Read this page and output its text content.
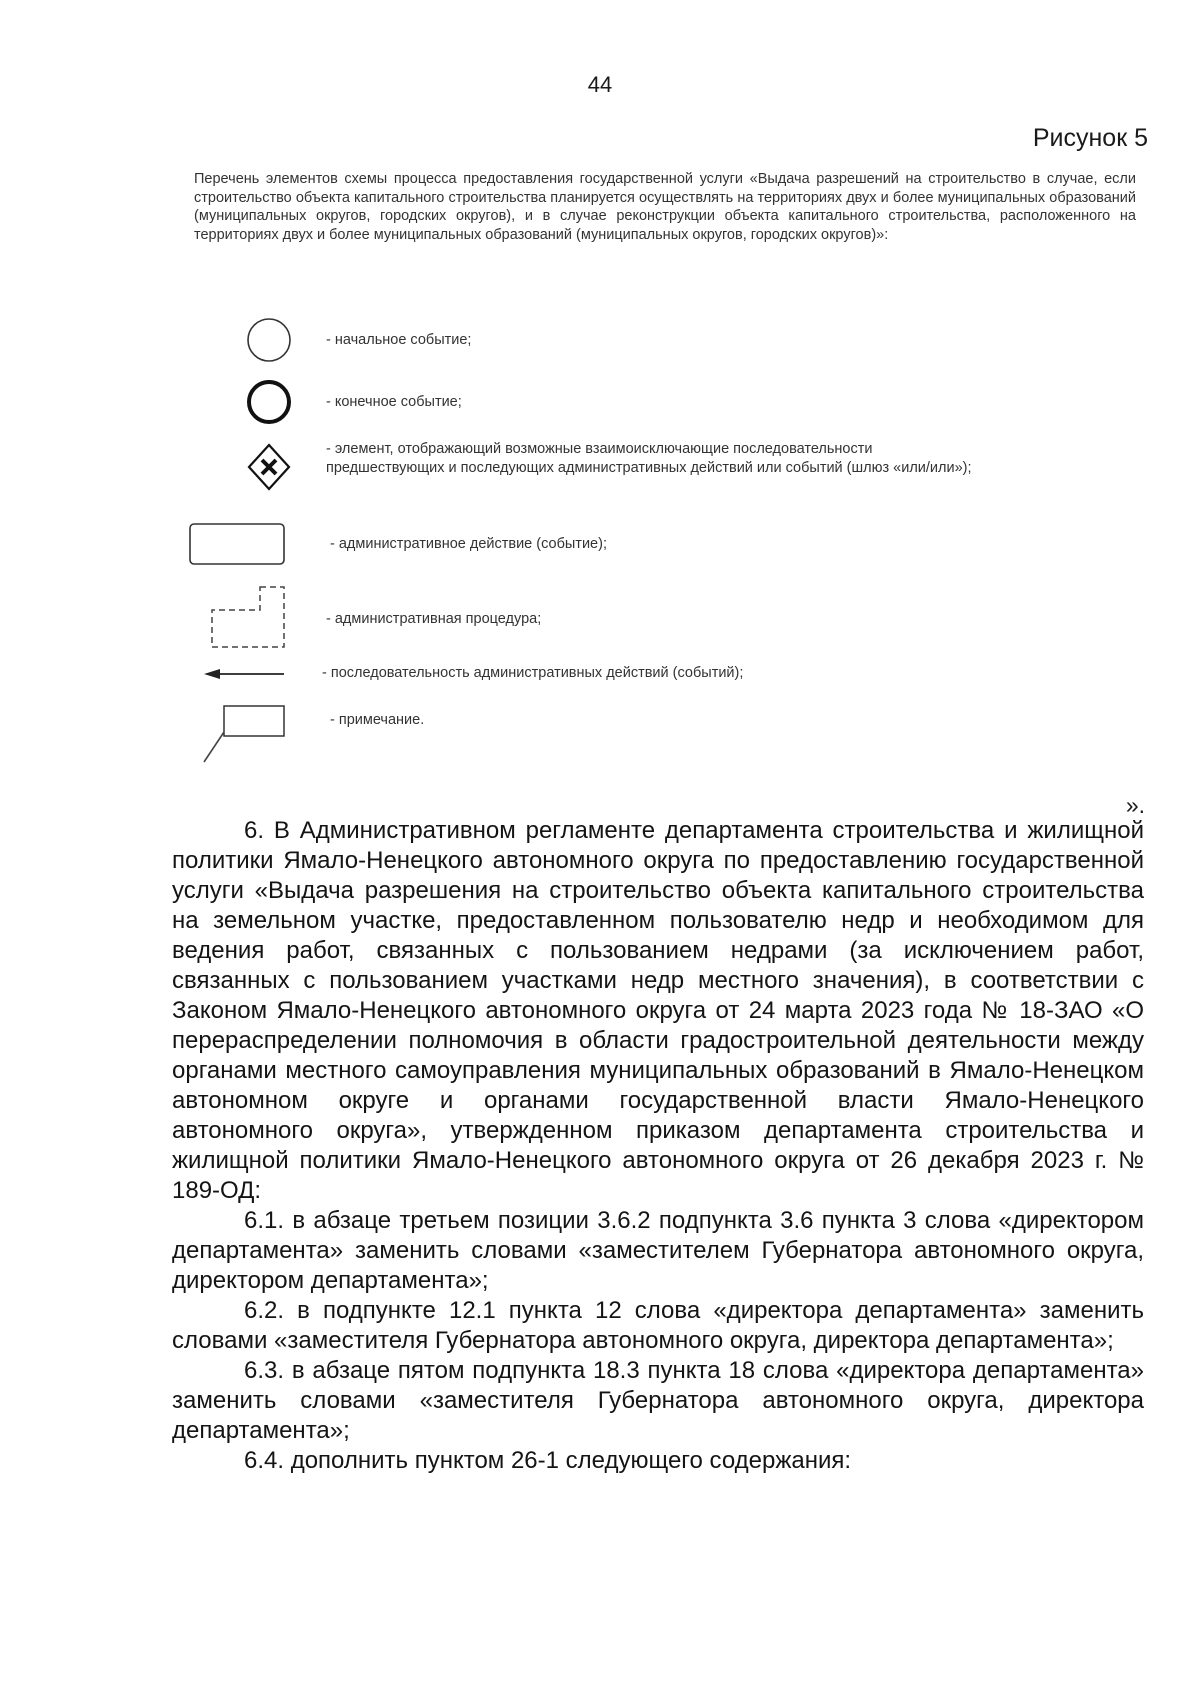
44
Рисунок 5
Перечень элементов схемы процесса предоставления государственной услуги «Выдача разрешений на строительство в случае, если строительство объекта капитального строительства планируется осуществлять на территориях двух и более муниципальных образований (муниципальных округов, городских округов), и в случае реконструкции объекта капитального строительства, расположенного на территориях двух и более муниципальных образований (муниципальных округов, городских округов)»:
- начальное событие;
- конечное событие;
- элемент, отображающий возможные взаимоисключающие последовательности предшествующих и последующих административных действий или событий (шлюз «или/или»);
- административное действие (событие);
- административная процедура;
- последовательность административных действий (событий);
- примечание.
».

6. В Административном регламенте департамента строительства и жилищной политики Ямало-Ненецкого автономного округа по предоставлению государственной услуги «Выдача разрешения на строительство объекта капитального строительства на земельном участке, предоставленном пользователю недр и необходимом для ведения работ, связанных с пользованием недрами (за исключением работ, связанных с пользованием участками недр местного значения), в соответствии с Законом Ямало-Ненецкого автономного округа от 24 марта 2023 года № 18-ЗАО «О перераспределении полномочия в области градостроительной деятельности между органами местного самоуправления муниципальных образований в Ямало-Ненецком автономном округе и органами государственной власти Ямало-Ненецкого автономного округа», утвержденном приказом департамента строительства и жилищной политики Ямало-Ненецкого автономного округа от 26 декабря 2023 г. № 189-ОД:

6.1. в абзаце третьем позиции 3.6.2 подпункта 3.6 пункта 3 слова «директором департамента» заменить словами «заместителем Губернатора автономного округа, директором департамента»;

6.2. в подпункте 12.1 пункта 12 слова «директора департамента» заменить словами «заместителя Губернатора автономного округа, директора департамента»;

6.3. в абзаце пятом подпункта 18.3 пункта 18 слова «директора департамента» заменить словами «заместителя Губернатора автономного округа, директора департамента»;

6.4. дополнить пунктом 26-1 следующего содержания:
